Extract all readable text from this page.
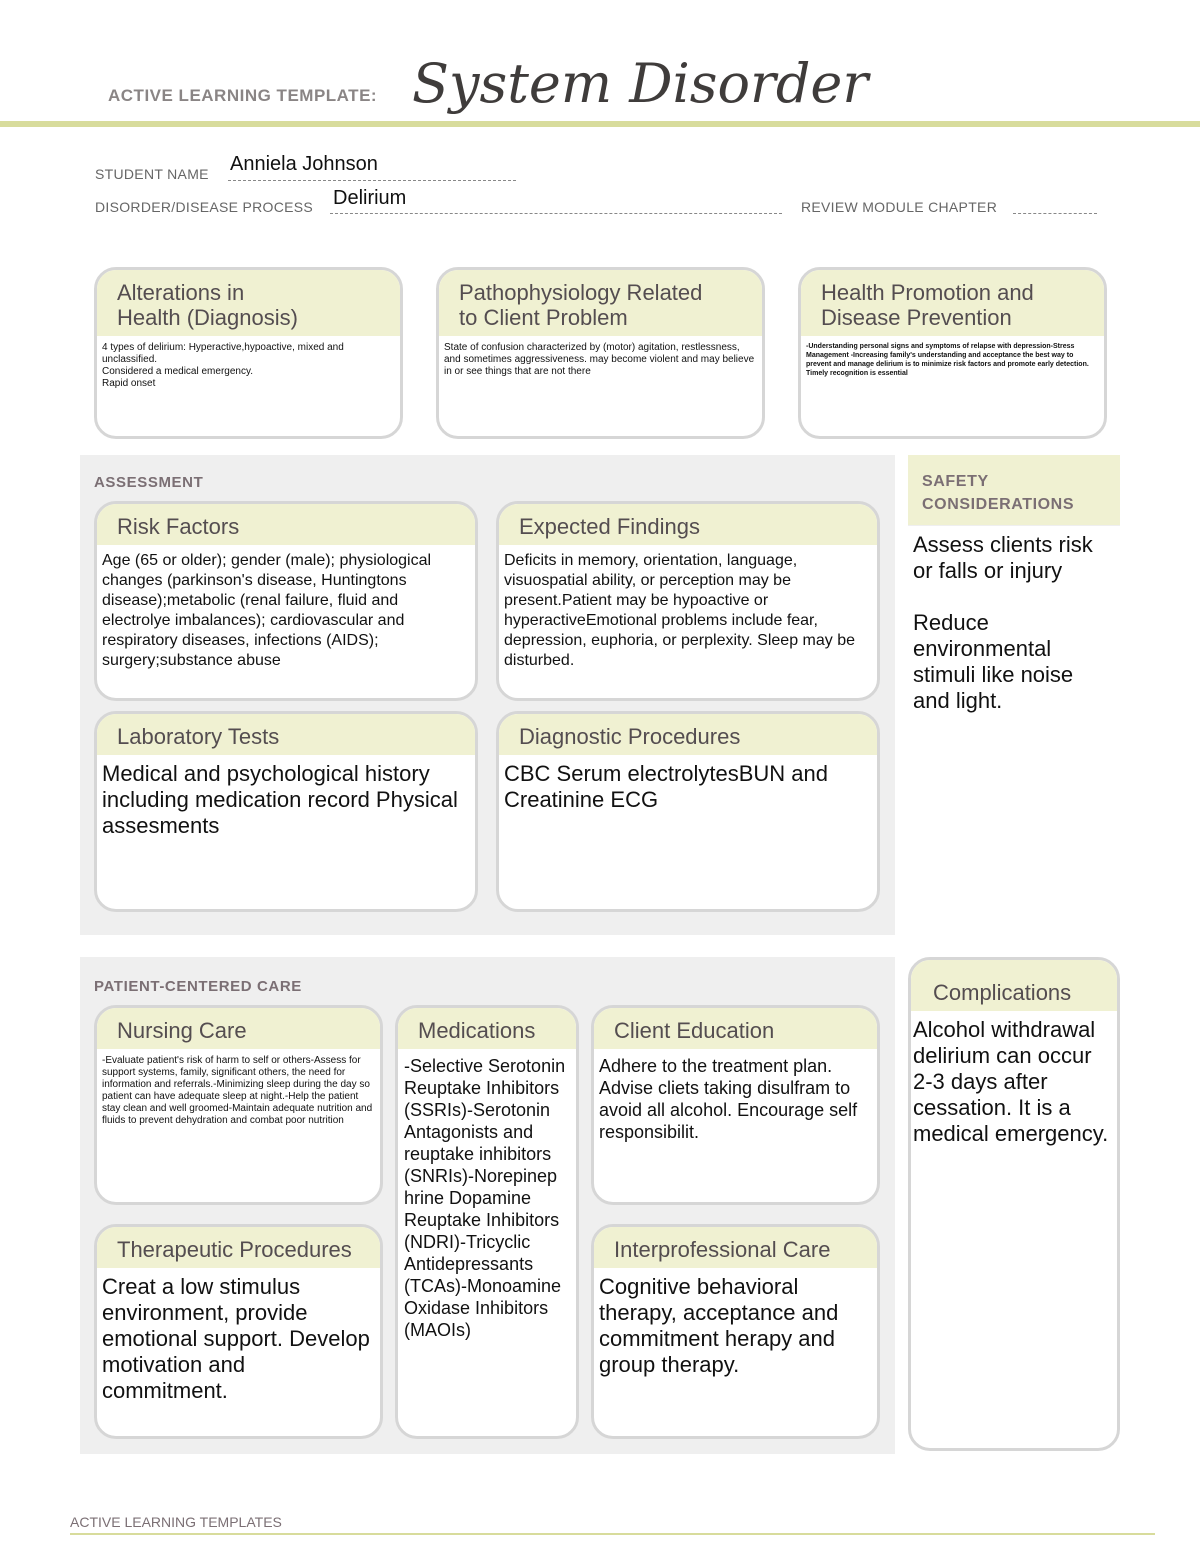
ACTIVE LEARNING TEMPLATE: System Disorder
STUDENT NAME Anniela Johnson
DISORDER/DISEASE PROCESS Delirium	REVIEW MODULE CHAPTER
Alterations in
Health (Diagnosis)
4 types of delirium: Hyperactive,hypoactive, mixed and unclassified.
Considered a medical emergency.
Rapid onset
Pathophysiology Related
to Client Problem
State of confusion characterized by (motor) agitation, restlessness, and sometimes aggressiveness. may become violent and may believe in or see things that are not there
Health Promotion and
Disease Prevention
-Understanding personal signs and symptoms of relapse with depression-Stress Management -Increasing family's understanding and acceptance the best way to prevent and manage delirium is to minimize risk factors and promote early detection. Timely recognition is essential
ASSESSMENT
Risk Factors
Age (65 or older); gender (male); physiological changes (parkinson's disease, Huntingtons disease);metabolic (renal failure, fluid and electrolye imbalances); cardiovascular and respiratory diseases, infections (AIDS); surgery;substance abuse
Expected Findings
Deficits in memory, orientation, language, visuospatial ability, or perception may be present.Patient may be hypoactive or hyperactiveEmotional problems include fear, depression, euphoria, or perplexity. Sleep may be disturbed.
Laboratory Tests
Medical and psychological history including medication record Physical assesments
Diagnostic Procedures
CBC Serum electrolytesBUN and Creatinine ECG
SAFETY
CONSIDERATIONS
Assess clients risk or falls or injury

Reduce environmental stimuli like noise and light.
PATIENT-CENTERED CARE
Nursing Care
-Evaluate patient's risk of harm to self or others-Assess for support systems, family, significant others, the need for information and referrals.-Minimizing sleep during the day so patient can have adequate sleep at night.-Help the patient stay clean and well groomed-Maintain adequate nutrition and fluids to prevent dehydration and combat poor nutrition
Medications
-Selective Serotonin Reuptake Inhibitors (SSRIs)-Serotonin Antagonists and reuptake inhibitors (SNRIs)-Norepinep hrine Dopamine Reuptake Inhibitors (NDRI)-Tricyclic Antidepressants (TCAs)-Monoamine  Oxidase Inhibitors (MAOIs)
Client Education
Adhere to the treatment plan. Advise cliets taking disulfram to avoid all alcohol. Encourage self responsibilit.
Therapeutic Procedures
Creat a low stimulus environment, provide emotional support. Develop motivation and commitment.
Interprofessional Care
Cognitive behavioral therapy, acceptance and commitment herapy and group therapy.
Complications
Alcohol withdrawal delirium can occur 2-3 days after cessation. It is a medical emergency.
ACTIVE LEARNING TEMPLATES
